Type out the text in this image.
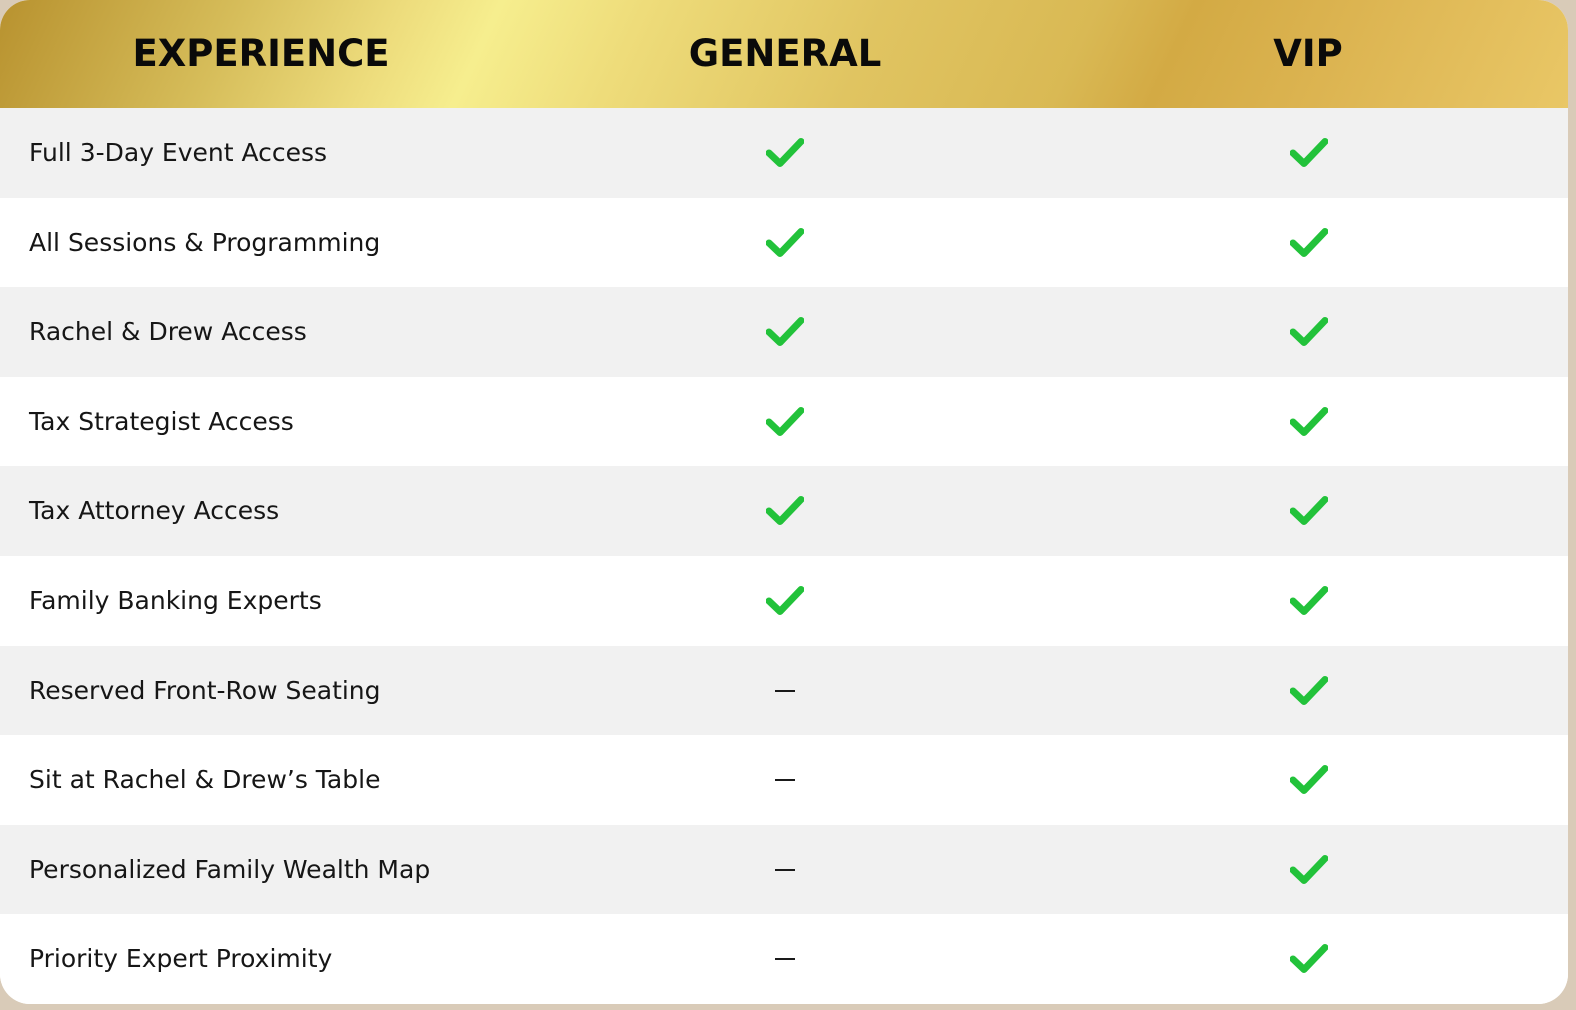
EXPERIENCE	GENERAL	VIP
Full 3-Day Event Access
All Sessions & Programming
Rachel & Drew Access
Tax Strategist Access
Tax Attorney Access
Family Banking Experts
Reserved Front-Row Seating
Sit at Rachel & Drew’s Table
Personalized Family Wealth Map
Priority Expert Proximity
